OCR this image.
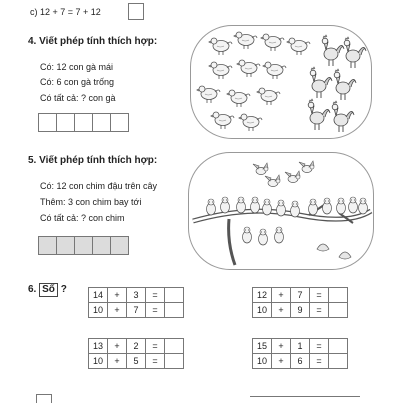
c) 12 + 7 = 7 + 12
4. Viết phép tính thích hợp:
Có: 12 con gà mái
Có: 6 con gà trống
Có tất cả: ? con gà
5. Viết phép tính thích hợp:
Có: 12 con chim đậu trên cây
Thêm: 3 con chim bay tới
Có tất cả: ? con chim
6. Số ?	14	+	3	=	
10	+	7	=	
12	+	7	=	
10	+	9	=	
13	+	2	=	
10	+	5	=	
15	+	1	=	
10	+	6	=	
